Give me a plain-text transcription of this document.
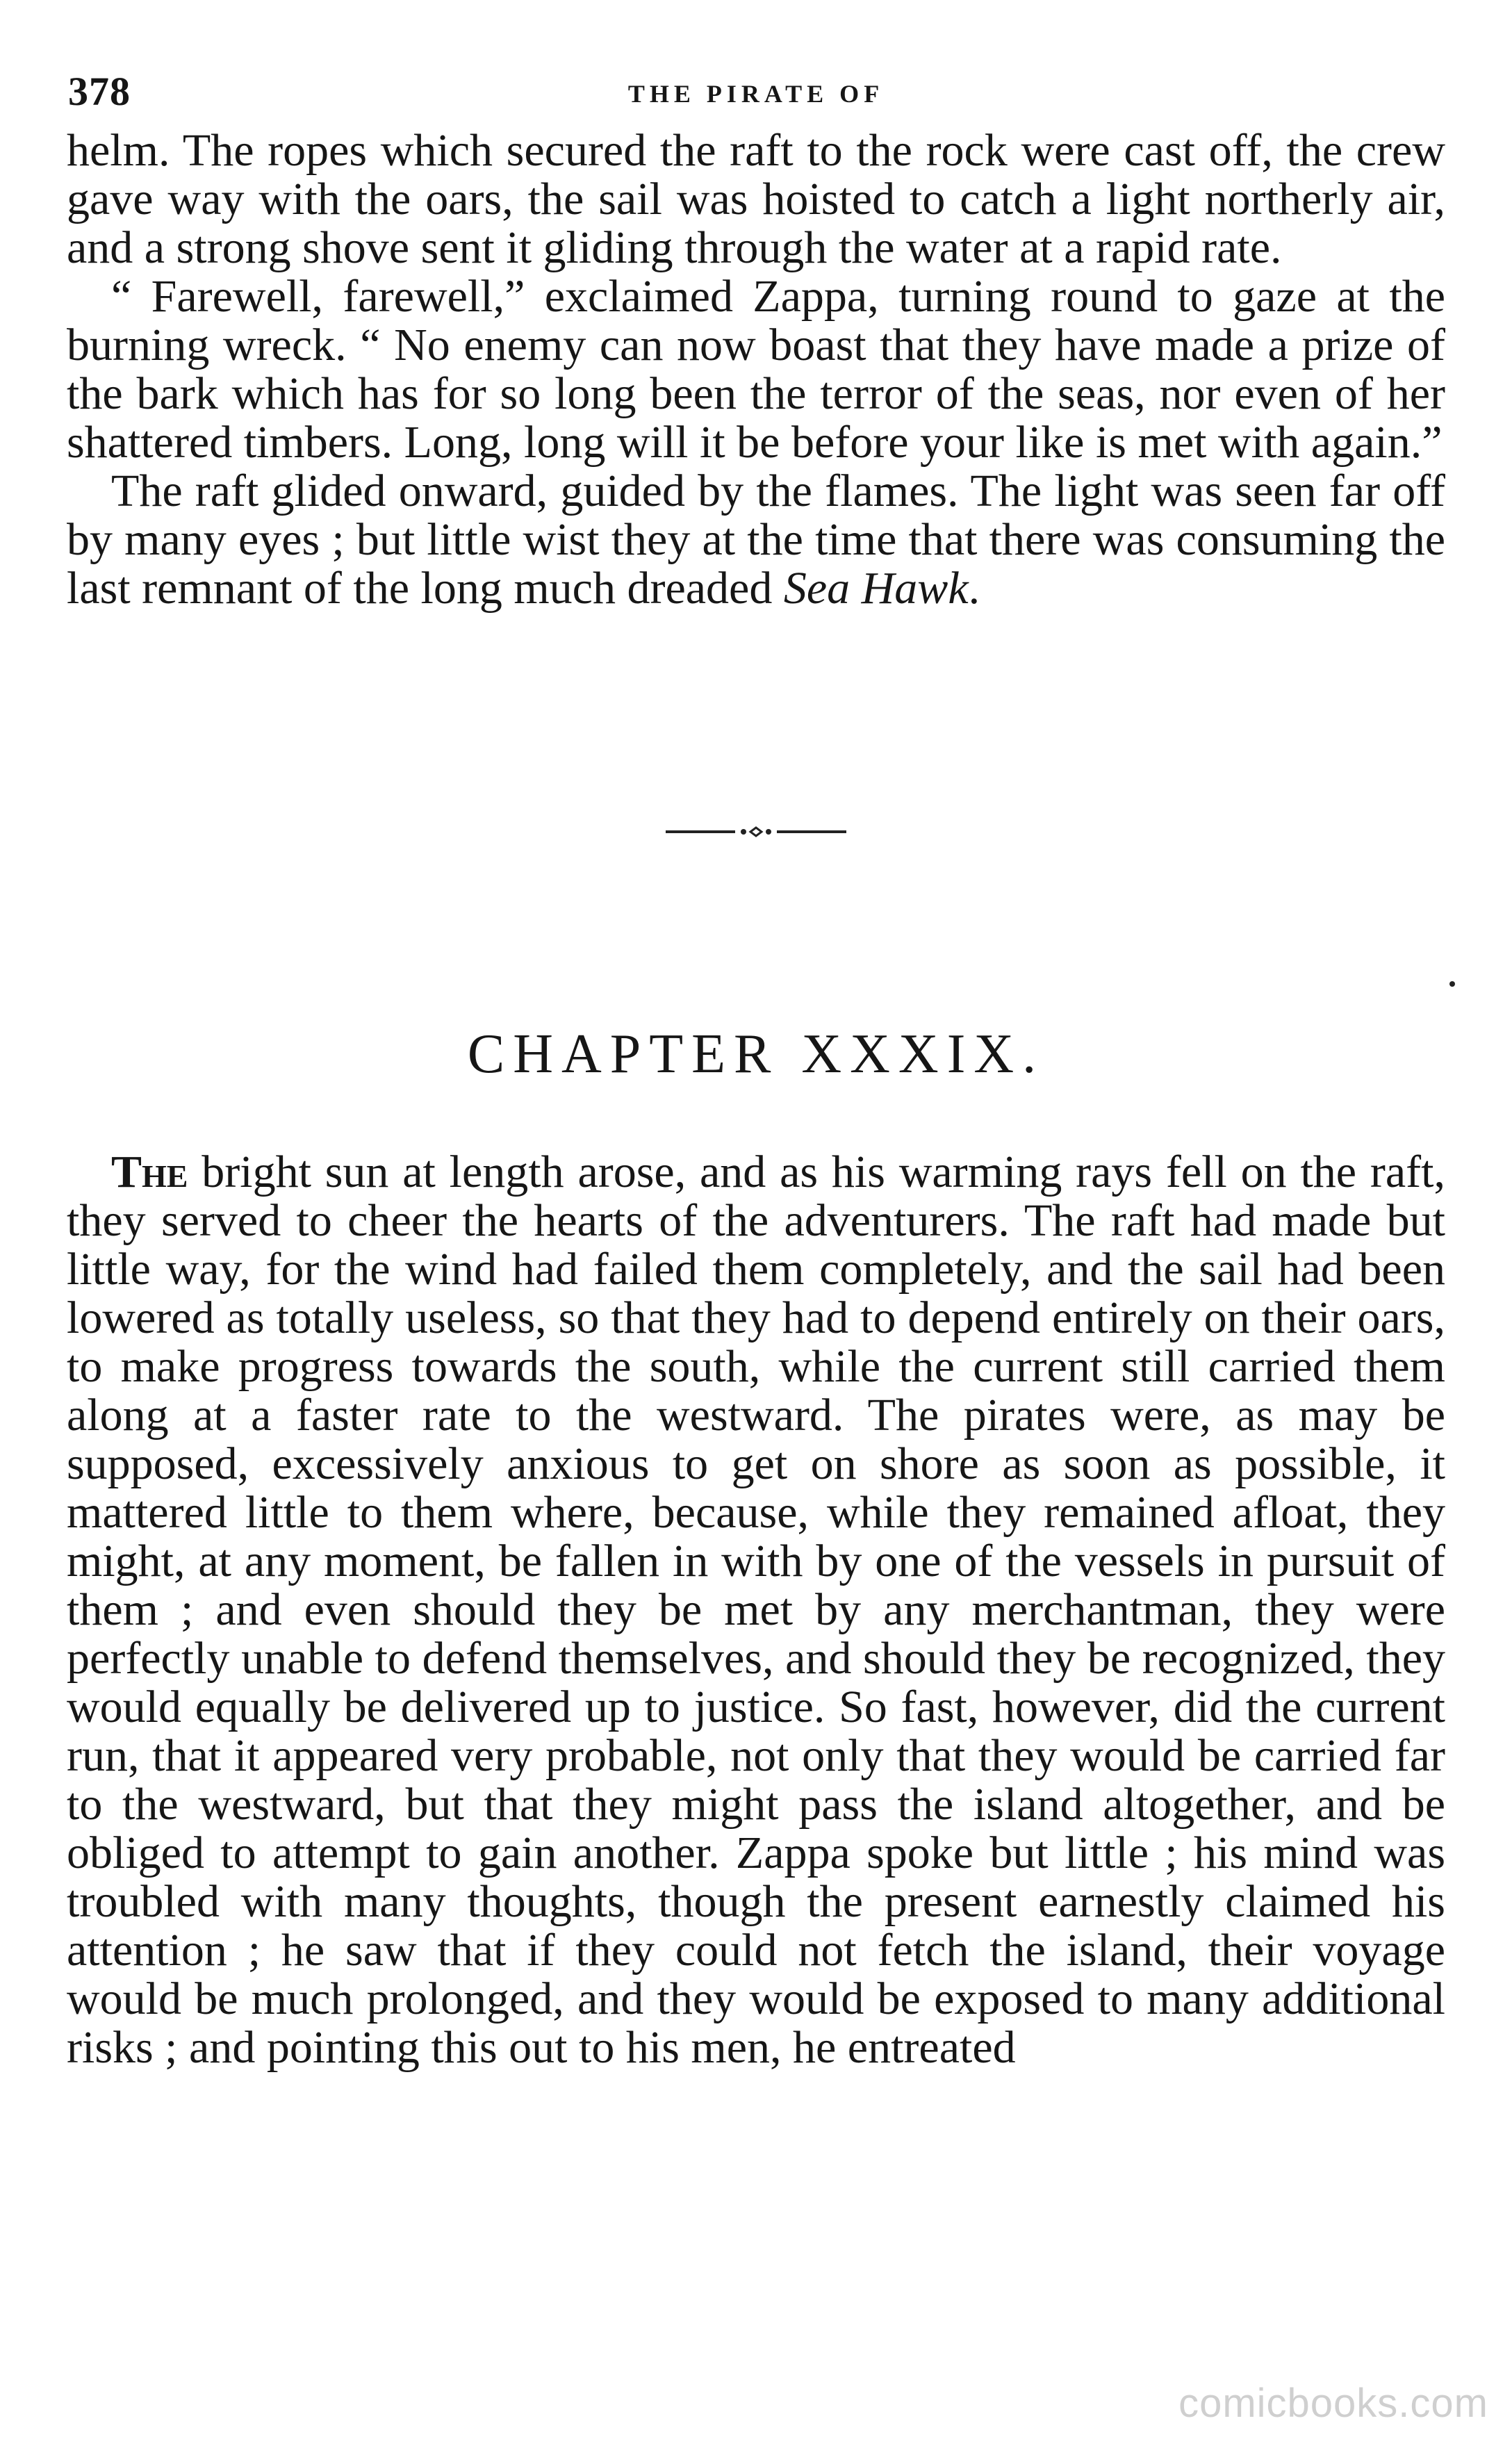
378	THE PIRATE OF

helm. The ropes which secured the raft to the rock were cast off, the crew gave way with the oars, the sail was hoisted to catch a light northerly air, and a strong shove sent it gliding through the water at a rapid rate.

“ Farewell, farewell,” exclaimed Zappa, turning round to gaze at the burning wreck. “ No enemy can now boast that they have made a prize of the bark which has for so long been the terror of the seas, nor even of her shattered timbers. Long, long will it be before your like is met with again.”

The raft glided onward, guided by the flames. The light was seen far off by many eyes ; but little wist they at the time that there was consuming the last remnant of the long much dreaded Sea Hawk.

CHAPTER XXXIX.

The bright sun at length arose, and as his warming rays fell on the raft, they served to cheer the hearts of the adventurers. The raft had made but little way, for the wind had failed them completely, and the sail had been lowered as totally useless, so that they had to depend entirely on their oars, to make progress towards the south, while the current still carried them along at a faster rate to the westward. The pirates were, as may be supposed, excessively anxious to get on shore as soon as possible, it mattered little to them where, because, while they remained afloat, they might, at any moment, be fallen in with by one of the vessels in pursuit of them ; and even should they be met by any merchantman, they were perfectly unable to defend themselves, and should they be recognized, they would equally be delivered up to justice. So fast, however, did the current run, that it appeared very probable, not only that they would be carried far to the westward, but that they might pass the island altogether, and be obliged to attempt to gain another. Zappa spoke but little ; his mind was troubled with many thoughts, though the present earnestly claimed his attention ; he saw that if they could not fetch the island, their voyage would be much prolonged, and they would be exposed to many additional risks ; and pointing this out to his men, he entreated

comicbooks.com
